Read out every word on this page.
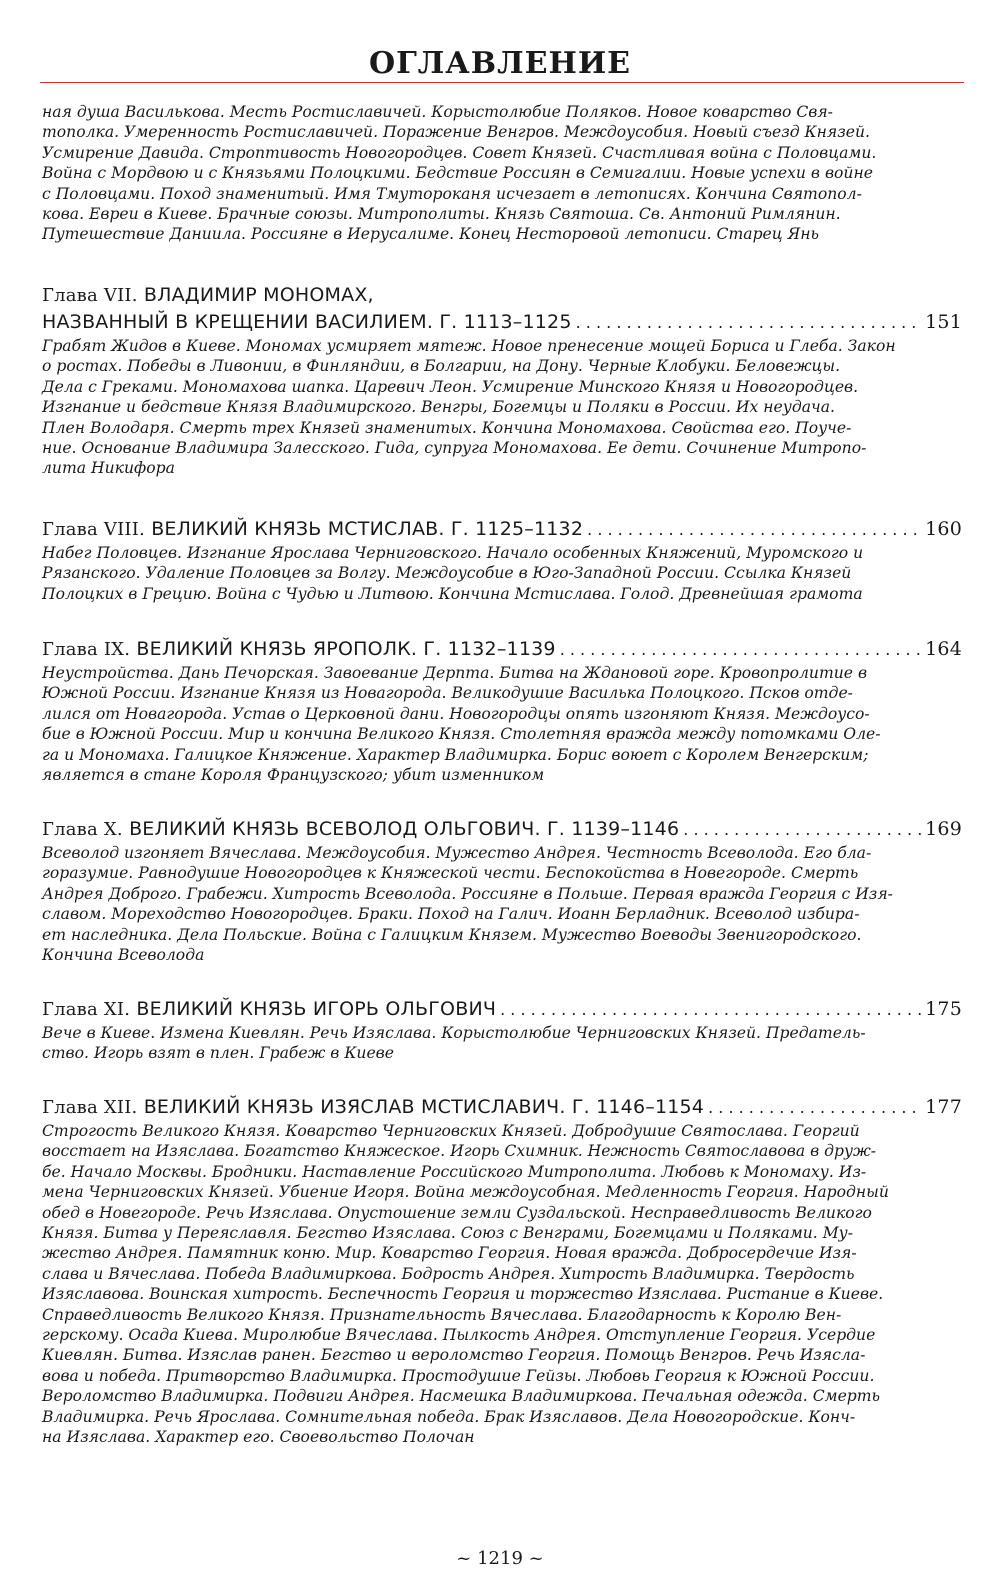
ОГЛАВЛЕНИЕ

ная душа Василькова. Месть Ростиславичей. Корыстолюбие Поляков. Новое коварство Свя-
тополка. Умеренность Ростиславичей. Поражение Венгров. Междоусобия. Новый съезд Князей.
Усмирение Давида. Строптивость Новогородцев. Совет Князей. Счастливая война с Половцами.
Война с Мордвою и с Князьями Полоцкими. Бедствие Россиян в Семигалии. Новые успехи в войне
с Половцами. Поход знаменитый. Имя Тмутороканя исчезает в летописях. Кончина Святопол-
кова. Евреи в Киеве. Брачные союзы. Митрополиты. Князь Святоша. Св. Антоний Римлянин.
Путешествие Даниила. Россияне в Иерусалиме. Конец Несторовой летописи. Старец Янь

Глава VII. ВЛАДИМИР МОНОМАХ,
НАЗВАННЫЙ В КРЕЩЕНИИ ВАСИЛИЕМ. Г. 1113–1125 . . .	151

Грабят Жидов в Киеве. Мономах усмиряет мятеж. Новое пренесение мощей Бориса и Глеба. Закон
о ростах. Победы в Ливонии, в Финляндии, в Болгарии, на Дону. Черные Клобуки. Беловежцы.
Дела с Греками. Мономахова шапка. Царевич Леон. Усмирение Минского Князя и Новогородцев.
Изгнание и бедствие Князя Владимирского. Венгры, Богемцы и Поляки в России. Их неудача.
Плен Володаря. Смерть трех Князей знаменитых. Кончина Мономахова. Свойства его. Поуче-
ние. Основание Владимира Залесского. Гида, супруга Мономахова. Ее дети. Сочинение Митропо-
лита Никифора

Глава VIII. ВЕЛИКИЙ КНЯЗЬ МСТИСЛАВ. Г. 1125–1132 . . .	160

Набег Половцев. Изгнание Ярослава Черниговского. Начало особенных Княжений, Муромского и
Рязанского. Удаление Половцев за Волгу. Междоусобие в Юго-Западной России. Ссылка Князей
Полоцких в Грецию. Война с Чудью и Литвою. Кончина Мстислава. Голод. Древнейшая грамота

Глава IX. ВЕЛИКИЙ КНЯЗЬ ЯРОПОЛК. Г. 1132–1139 . . .	164

Неустройства. Дань Печорская. Завоевание Дерпта. Битва на Ждановой горе. Кровопролитие в
Южной России. Изгнание Князя из Новагорода. Великодушие Василька Полоцкого. Псков отде-
лился от Новагорода. Устав о Церковной дани. Новогородцы опять изгоняют Князя. Междоусо-
бие в Южной России. Мир и кончина Великого Князя. Столетняя вражда между потомками Оле-
га и Мономаха. Галицкое Княжение. Характер Владимирка. Борис воюет с Королем Венгерским;
является в стане Короля Французского; убит изменником

Глава X. ВЕЛИКИЙ КНЯЗЬ ВСЕВОЛОД ОЛЬГОВИЧ. Г. 1139–1146 . . .	169

Всеволод изгоняет Вячеслава. Междоусобия. Мужество Андрея. Честность Всеволода. Его бла-
горазумие. Равнодушие Новогородцев к Княжеской чести. Беспокойства в Новегороде. Смерть
Андрея Доброго. Грабежи. Хитрость Всеволода. Россияне в Польше. Первая вражда Георгия с Изя-
славом. Мореходство Новогородцев. Браки. Поход на Галич. Иоанн Берладник. Всеволод избира-
ет наследника. Дела Польские. Война с Галицким Князем. Мужество Воеводы Звенигородского.
Кончина Всеволода

Глава XI. ВЕЛИКИЙ КНЯЗЬ ИГОРЬ ОЛЬГОВИЧ . . .	175

Вече в Киеве. Измена Киевлян. Речь Изяслава. Корыстолюбие Черниговских Князей. Предатель-
ство. Игорь взят в плен. Грабеж в Киеве

Глава XII. ВЕЛИКИЙ КНЯЗЬ ИЗЯСЛАВ МСТИСЛАВИЧ. Г. 1146–1154 . . .	177

Строгость Великого Князя. Коварство Черниговских Князей. Добродушие Святослава. Георгий
восстает на Изяслава. Богатство Княжеское. Игорь Схимник. Нежность Святославова в друж-
бе. Начало Москвы. Бродники. Наставление Российского Митрополита. Любовь к Мономаху. Из-
мена Черниговских Князей. Убиение Игоря. Война междоусобная. Медленность Георгия. Народный
обед в Новегороде. Речь Изяслава. Опустошение земли Суздальской. Несправедливость Великого
Князя. Битва у Переяславля. Бегство Изяслава. Союз с Венграми, Богемцами и Поляками. Му-
жество Андрея. Памятник коню. Мир. Коварство Георгия. Новая вражда. Добросердечие Изя-
слава и Вячеслава. Победа Владимиркова. Бодрость Андрея. Хитрость Владимирка. Твердость
Изяславова. Воинская хитрость. Беспечность Георгия и торжество Изяслава. Ристание в Киеве.
Справедливость Великого Князя. Признательность Вячеслава. Благодарность к Королю Вен-
герскому. Осада Киева. Миролюбие Вячеслава. Пылкость Андрея. Отступление Георгия. Усердие
Киевлян. Битва. Изяслав ранен. Бегство и вероломство Георгия. Помощь Венгров. Речь Изясла-
вова и победа. Притворство Владимирка. Простодушие Гейзы. Любовь Георгия к Южной России.
Вероломство Владимирка. Подвиги Андрея. Насмешка Владимиркова. Печальная одежда. Смерть
Владимирка. Речь Ярослава. Сомнительная победа. Брак Изяславов. Дела Новогородские. Конч-
на Изяслава. Характер его. Своевольство Полочан

~ 1219 ~
